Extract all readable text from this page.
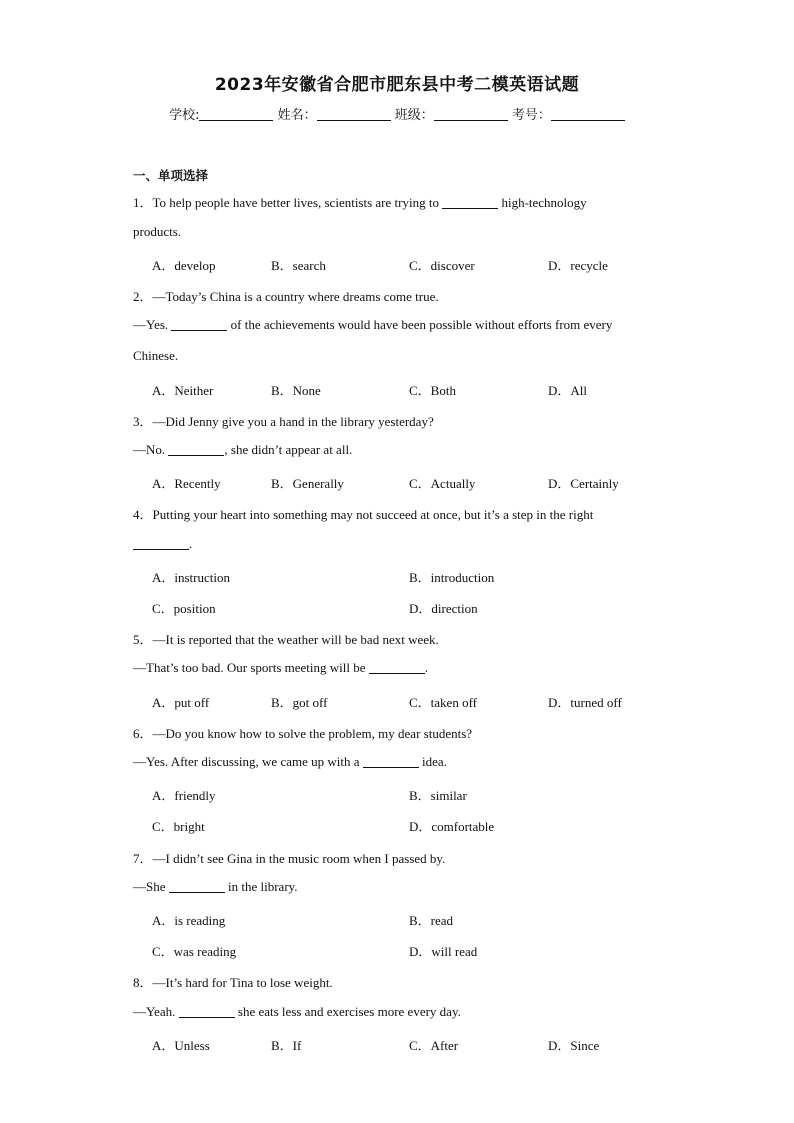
2023年安徽省合肥市肥东县中考二模英语试题
学校:	姓名：	班级：	考号：
一、单项选择
1．To help people have better lives, scientists are trying to	high-technology
products.
A．develop	B．search	C．discover	D．recycle
2．—Today’s China is a country where dreams come true.
—Yes.	of the achievements would have been possible without efforts from every
Chinese.
A．Neither	B．None	C．Both	D．All
3．—Did Jenny give you a hand in the library yesterday?
—No.	, she didn’t appear at all.
A．Recently	B．Generally	C．Actually	D．Certainly
4．Putting your heart into something may not succeed at once, but it’s a step in the right
.
A．instruction	B．introduction
C．position	D．direction
5．—It is reported that the weather will be bad next week.
—That’s too bad. Our sports meeting will be	.
A．put off	B．got off	C．taken off	D．turned off
6．—Do you know how to solve the problem, my dear students?
—Yes. After discussing, we came up with a	idea.
A．friendly	B．similar
C．bright	D．comfortable
7．—I didn’t see Gina in the music room when I passed by.
—She	in the library.
A．is reading	B．read
C．was reading	D．will read
8．—It’s hard for Tina to lose weight.
—Yeah.	she eats less and exercises more every day.
A．Unless	B．If	C．After	D．Since
